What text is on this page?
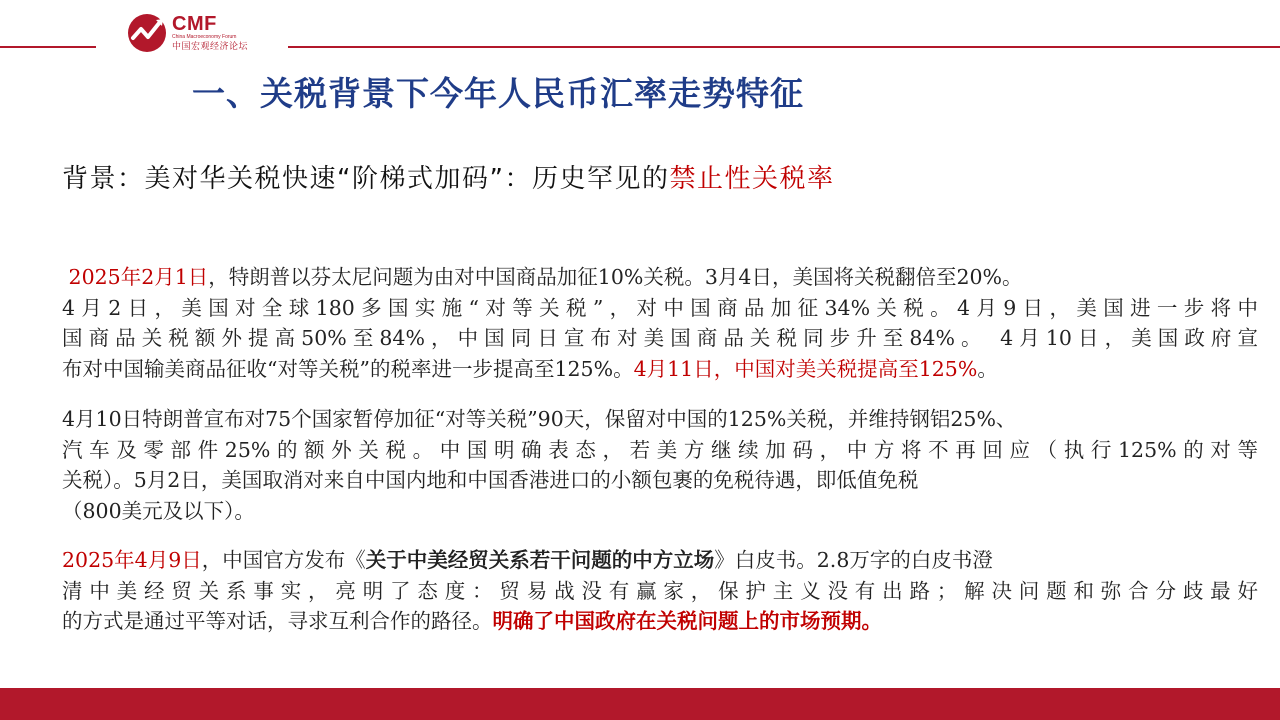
CMF
China Macroeconomy Forum
中国宏观经济论坛
一、关税背景下今年人民币汇率走势特征
背景：美对华关税快速“阶梯式加码”：历史罕见的禁止性关税率
2025年2月1日，特朗普以芬太尼问题为由对中国商品加征10%关税。3月4日，美国将关税翻倍至20%。
4月2日，美国对全球180多国实施“对等关税”，对中国商品加征34%关税。4月9日，美国进一步将中
国商品关税额外提高50%至84%，中国同日宣布对美国商品关税同步升至84%。 4月10日，美国政府宣
布对中国输美商品征收“对等关税”的税率进一步提高至125%。4月11日，中国对美关税提高至125%。
4月10日特朗普宣布对75个国家暂停加征“对等关税”90天，保留对中国的125%关税，并维持钢铝25%、
汽车及零部件25%的额外关税。中国明确表态，若美方继续加码，中方将不再回应（执行125%的对等
关税）。5月2日，美国取消对来自中国内地和中国香港进口的小额包裹的免税待遇，即低值免税
（800美元及以下）。
2025年4月9日，中国官方发布《关于中美经贸关系若干问题的中方立场》白皮书。2.8万字的白皮书澄
清中美经贸关系事实，亮明了态度：贸易战没有赢家，保护主义没有出路；解决问题和弥合分歧最好
的方式是通过平等对话，寻求互利合作的路径。明确了中国政府在关税问题上的市场预期。
